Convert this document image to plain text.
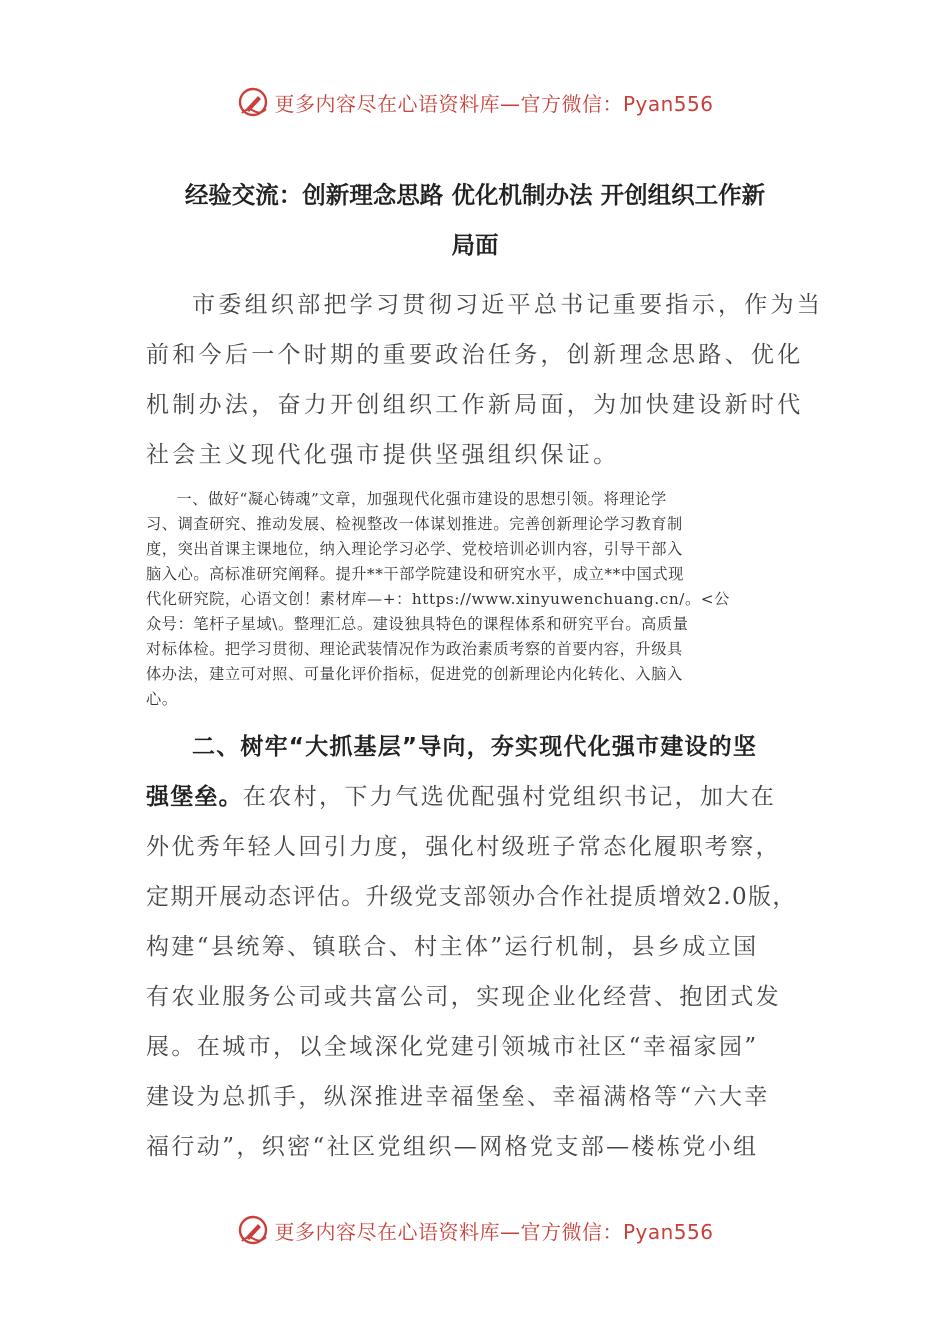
更多内容尽在心语资料库—官方微信：Pyan556
经验交流：创新理念思路 优化机制办法 开创组织工作新
局面
市委组织部把学习贯彻习近平总书记重要指示，作为当
前和今后一个时期的重要政治任务，创新理念思路、优化
机制办法，奋力开创组织工作新局面，为加快建设新时代
社会主义现代化强市提供坚强组织保证。
一、做好“凝心铸魂”文章，加强现代化强市建设的思想引领。将理论学
习、调查研究、推动发展、检视整改一体谋划推进。完善创新理论学习教育制
度，突出首课主课地位，纳入理论学习必学、党校培训必训内容，引导干部入
脑入心。高标准研究阐释。提升**干部学院建设和研究水平，成立**中国式现
代化研究院，心语文创！素材库—+：https://www.xinyuwenchuang.cn/。<公
众号：笔杆子星域\。整理汇总。建设独具特色的课程体系和研究平台。高质量
对标体检。把学习贯彻、理论武装情况作为政治素质考察的首要内容，升级具
体办法，建立可对照、可量化评价指标，促进党的创新理论内化转化、入脑入
心。
二、树牢“大抓基层”导向，夯实现代化强市建设的坚
强堡垒。在农村，下力气选优配强村党组织书记，加大在
外优秀年轻人回引力度，强化村级班子常态化履职考察，
定期开展动态评估。升级党支部领办合作社提质增效2.0版，
构建“县统筹、镇联合、村主体”运行机制，县乡成立国
有农业服务公司或共富公司，实现企业化经营、抱团式发
展。在城市，以全域深化党建引领城市社区“幸福家园”
建设为总抓手，纵深推进幸福堡垒、幸福满格等“六大幸
福行动”，织密“社区党组织—网格党支部—楼栋党小组
更多内容尽在心语资料库—官方微信：Pyan556
